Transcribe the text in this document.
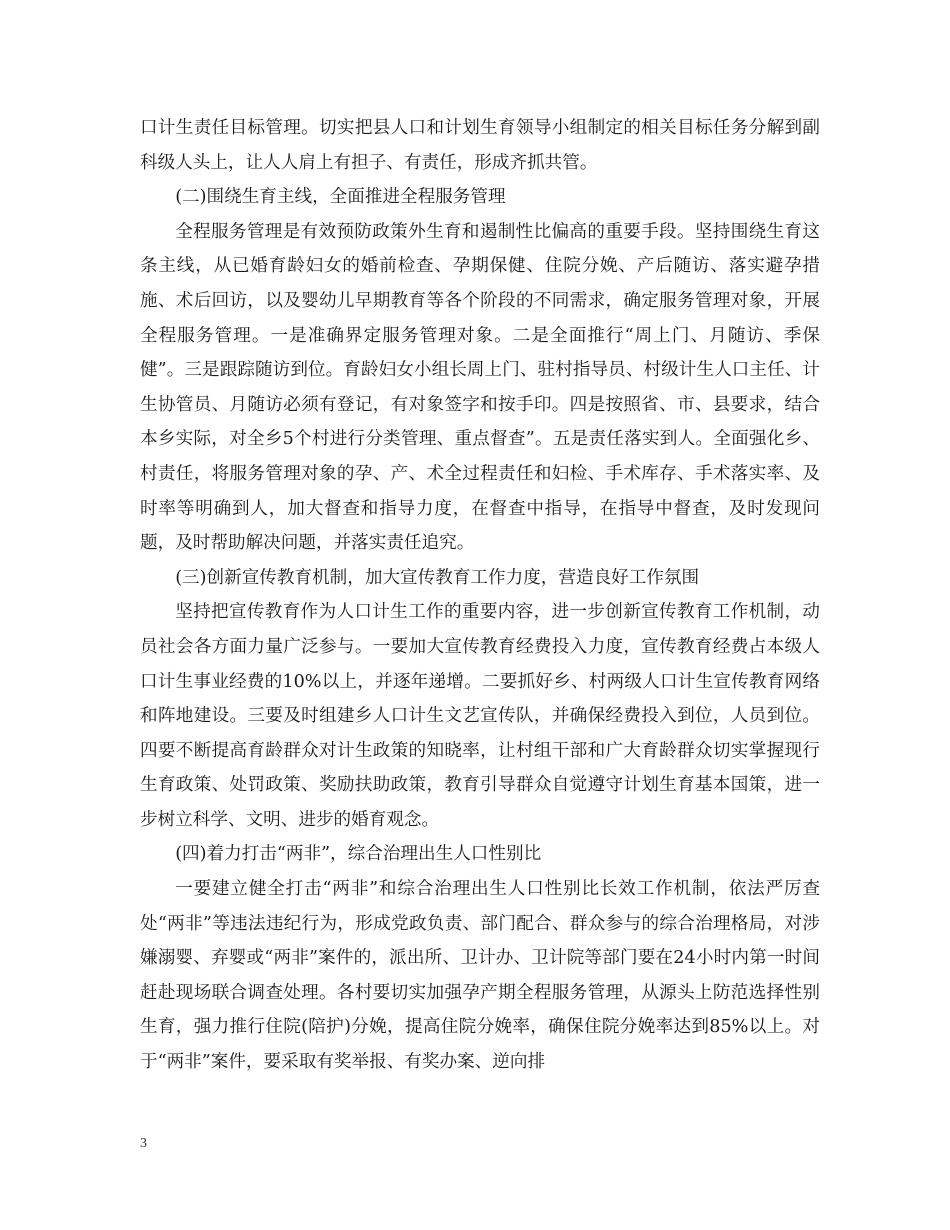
口计生责任目标管理。切实把县人口和计划生育领导小组制定的相关目标任务分解到副科级人头上，让人人肩上有担子、有责任，形成齐抓共管。

(二)围绕生育主线，全面推进全程服务管理

全程服务管理是有效预防政策外生育和遏制性比偏高的重要手段。坚持围绕生育这条主线，从已婚育龄妇女的婚前检查、孕期保健、住院分娩、产后随访、落实避孕措施、术后回访，以及婴幼儿早期教育等各个阶段的不同需求，确定服务管理对象，开展全程服务管理。一是准确界定服务管理对象。二是全面推行“周上门、月随访、季保健”。三是跟踪随访到位。育龄妇女小组长周上门、驻村指导员、村级计生人口主任、计生协管员、月随访必须有登记，有对象签字和按手印。四是按照省、市、县要求，结合本乡实际，对全乡5个村进行分类管理、重点督查”。五是责任落实到人。全面强化乡、村责任，将服务管理对象的孕、产、术全过程责任和妇检、手术库存、手术落实率、及时率等明确到人，加大督查和指导力度，在督查中指导，在指导中督查，及时发现问题，及时帮助解决问题，并落实责任追究。

(三)创新宣传教育机制，加大宣传教育工作力度，营造良好工作氛围

坚持把宣传教育作为人口计生工作的重要内容，进一步创新宣传教育工作机制，动员社会各方面力量广泛参与。一要加大宣传教育经费投入力度，宣传教育经费占本级人口计生事业经费的10%以上，并逐年递增。二要抓好乡、村两级人口计生宣传教育网络和阵地建设。三要及时组建乡人口计生文艺宣传队，并确保经费投入到位，人员到位。四要不断提高育龄群众对计生政策的知晓率，让村组干部和广大育龄群众切实掌握现行生育政策、处罚政策、奖励扶助政策，教育引导群众自觉遵守计划生育基本国策，进一步树立科学、文明、进步的婚育观念。

(四)着力打击“两非”，综合治理出生人口性别比

一要建立健全打击“两非”和综合治理出生人口性别比长效工作机制，依法严厉查处“两非”等违法违纪行为，形成党政负责、部门配合、群众参与的综合治理格局，对涉嫌溺婴、弃婴或“两非”案件的，派出所、卫计办、卫计院等部门要在24小时内第一时间赶赴现场联合调查处理。各村要切实加强孕产期全程服务管理，从源头上防范选择性别生育，强力推行住院(陪护)分娩，提高住院分娩率，确保住院分娩率达到85%以上。对于“两非”案件，要采取有奖举报、有奖办案、逆向排

3
